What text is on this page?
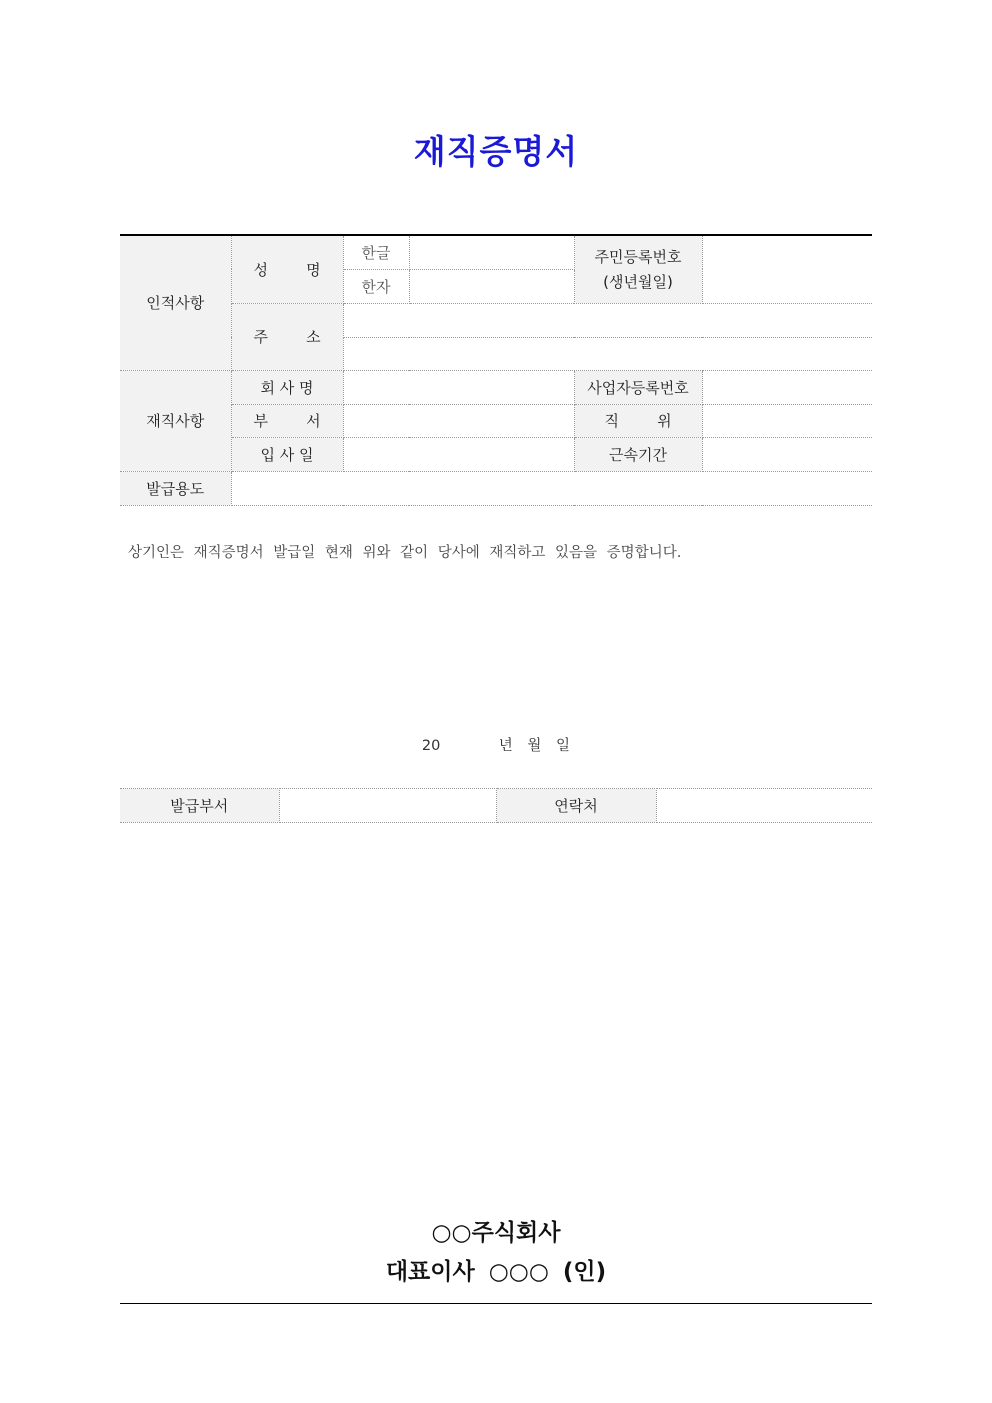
재직증명서
인적사항	성        명	한글		주민등록번호
(생년월일)	

		한자			
	주        소				

재직사항	회 사 명			사업자등록번호	
	부        서			직        위	
	입 사 일			근속기간	
발급용도					
상기인은 재직증명서 발급일 현재 위와 같이 당사에 재직하고 있음을 증명합니다.
20    년 월 일
발급부서		연락처	
○○주식회사
대표이사 ○○○ (인)
